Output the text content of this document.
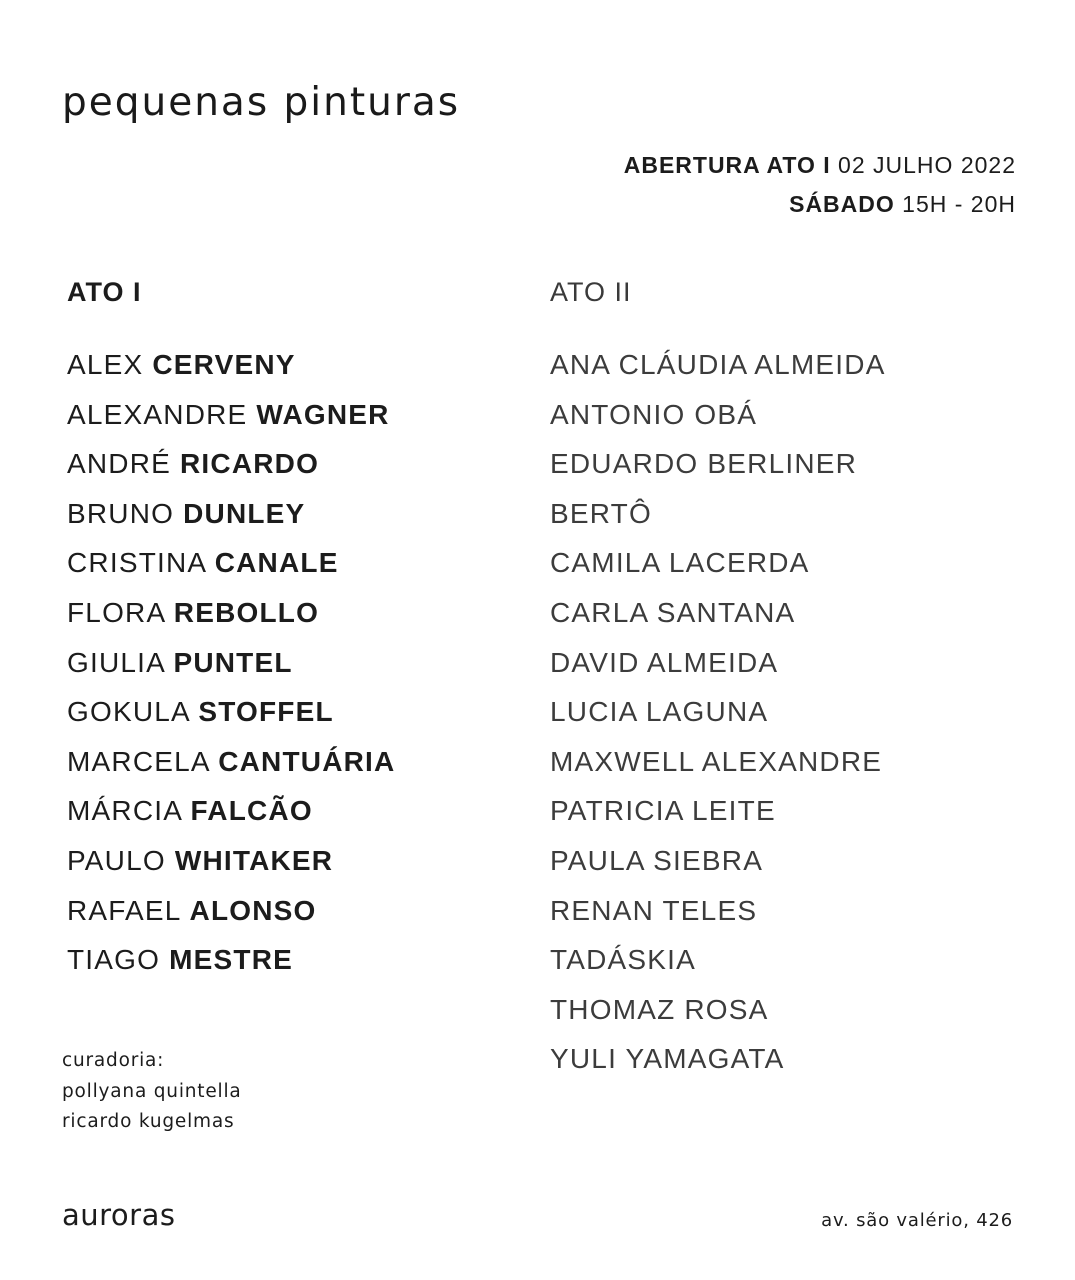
pequenas pinturas
ABERTURA ATO I 02 JULHO 2022
SÁBADO 15H - 20H
ATO I
ALEX CERVENY
ALEXANDRE WAGNER
ANDRÉ RICARDO
BRUNO DUNLEY
CRISTINA CANALE
FLORA REBOLLO
GIULIA PUNTEL
GOKULA STOFFEL
MARCELA CANTUÁRIA
MÁRCIA FALCÃO
PAULO WHITAKER
RAFAEL ALONSO
TIAGO MESTRE
ATO II
ANA CLÁUDIA ALMEIDA
ANTONIO OBÁ
EDUARDO BERLINER
BERTÔ
CAMILA LACERDA
CARLA SANTANA
DAVID ALMEIDA
LUCIA LAGUNA
MAXWELL ALEXANDRE
PATRICIA LEITE
PAULA SIEBRA
RENAN TELES
TADÁSKIA
THOMAZ ROSA
YULI YAMAGATA
curadoria:
pollyana quintella
ricardo kugelmas
auroras	av. são valério, 426
